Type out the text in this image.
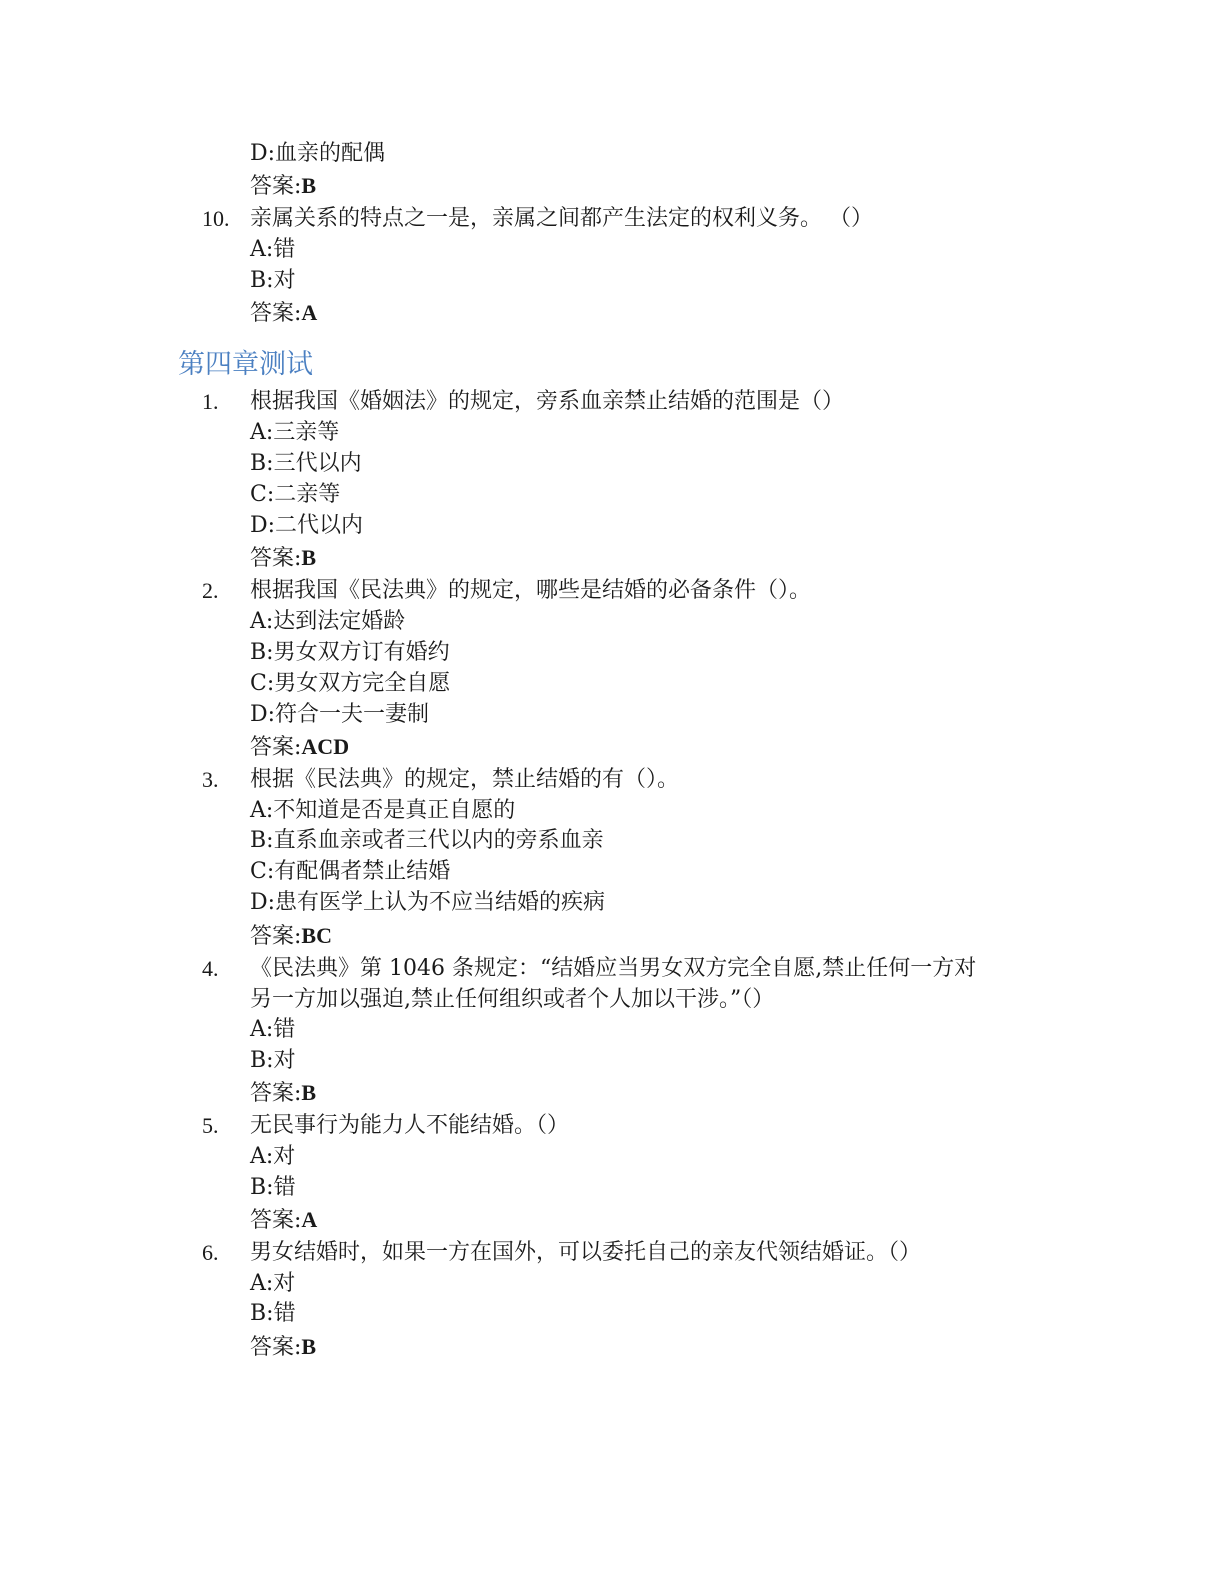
D:血亲的配偶
答案:B
10. 亲属关系的特点之一是，亲属之间都产生法定的权利义务。 （）
A:错
B:对
答案:A
第四章测试
1. 根据我国《婚姻法》的规定，旁系血亲禁止结婚的范围是（）
A:三亲等
B:三代以内
C:二亲等
D:二代以内
答案:B
2. 根据我国《民法典》的规定，哪些是结婚的必备条件（）。
A:达到法定婚龄
B:男女双方订有婚约
C:男女双方完全自愿
D:符合一夫一妻制
答案:ACD
3. 根据《民法典》的规定，禁止结婚的有（）。
A:不知道是否是真正自愿的
B:直系血亲或者三代以内的旁系血亲
C:有配偶者禁止结婚
D:患有医学上认为不应当结婚的疾病
答案:BC
4. 《民法典》第 1046 条规定：“结婚应当男女双方完全自愿,禁止任何一方对
另一方加以强迫,禁止任何组织或者个人加以干涉。”（）
A:错
B:对
答案:B
5. 无民事行为能力人不能结婚。（）
A:对
B:错
答案:A
6. 男女结婚时，如果一方在国外，可以委托自己的亲友代领结婚证。（）
A:对
B:错
答案:B
